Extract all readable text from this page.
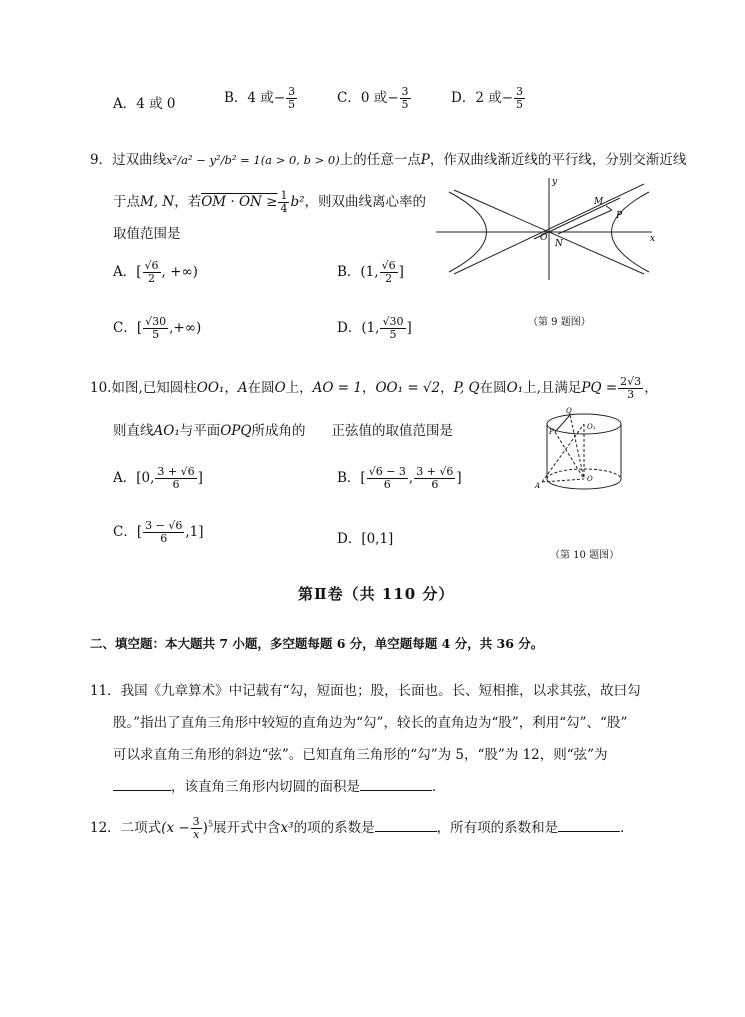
A．4 或 0	B．4 或− $\frac{3}{5}$	C．0 或− $\frac{3}{5}$	D．2 或− $\frac{3}{5}$
9．过双曲线x²/a² − y²/b² = 1(a > 0, b > 0)上的任意一点P，作双曲线渐近线的平行线，分别交渐近线
于点M, N，若OM · ON ≥ $\frac{1}{4} b^2$，则双曲线离心率的
取值范围是
A．[ $\frac{√6}{2}$ , +∞)	B．(1, $\frac{√6}{2}$ ]
C．[ $\frac{√30}{5}$ ,+∞)	D．(1, $\frac{√30}{5}$ ]
y
x
O
M
P
N
（第 9 题图）
10.如图,已知圆柱OO₁，A在圆O上，AO = 1，OO₁ = √2，P, Q在圆O₁上,且满足PQ = $\frac{2√3}{3}$ ，
则直线AO₁与平面OPQ所成角的 正弦值的取值范围是
A．[0, $\frac{3 + √6}{6}$ ]	B．[ $\frac{√6 - 3}{6}$ , $\frac{3 + √6}{6}$ ]
C．[ $\frac{3 - √6}{6} ,1$]	D．[0,1]
Q
O₁
P
O
A
（第 10 题图）
第Ⅱ卷（共 110 分）
二、填空题：本大题共 7 小题，多空题每题 6 分，单空题每题 4 分，共 36 分。
11．我国《九章算术》中记载有“勾，短面也；股，长面也。长、短相推，以求其弦，故曰勾
股。”指出了直角三角形中较短的直角边为“勾”，较长的直角边为“股”，利用“勾”、“股”
可以求直角三角形的斜边“弦”。已知直角三角形的“勾”为 5，“股”为 12，则“弦”为
，该直角三角形内切圆的面积是	．
12．二项式$(x - \frac{3}{x} )^5$展开式中含x³的项的系数是	，所有项的系数和是	．
